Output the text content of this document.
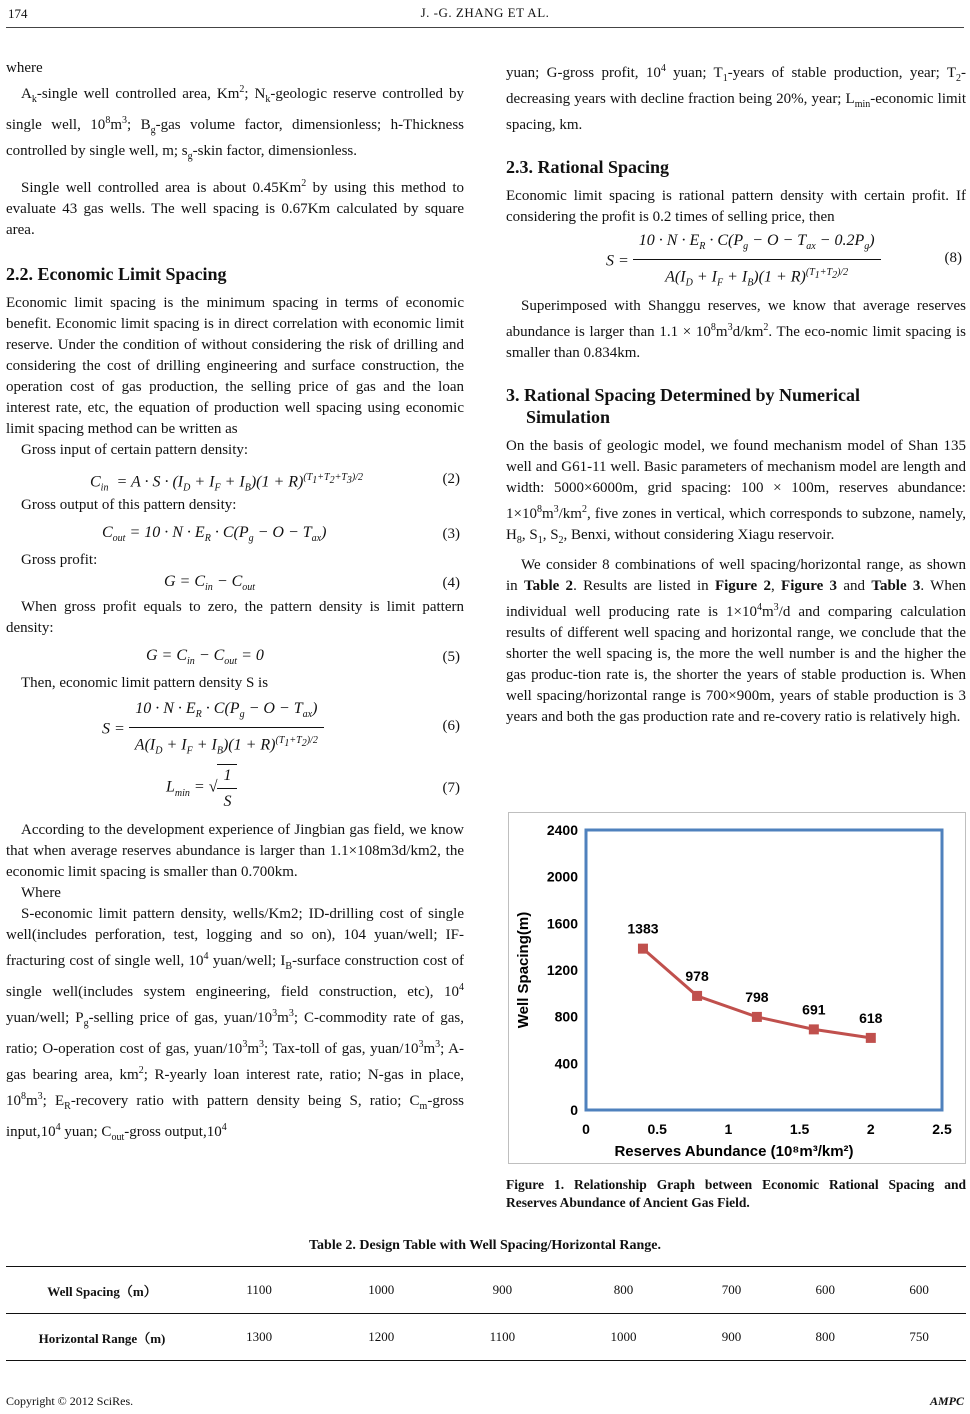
174	J. -G. ZHANG ET AL.

where

$A_k$-single well controlled area, Km$^2$; $N_k$-geologic reserve controlled by single well, $10^8m^3$; $B_g$-gas volume factor, dimensionless; h-Thickness controlled by single well, m; $s_g$-skin factor, dimensionless.

Single well controlled area is about 0.45Km$^2$ by using this method to evaluate 43 gas wells. The well spacing is 0.67Km calculated by square area.

2.2. Economic Limit Spacing

Economic limit spacing is the minimum spacing in terms of economic benefit. Economic limit spacing is in direct correlation with economic limit reserve. Under the condition of without considering the risk of drilling and considering the cost of drilling engineering and surface construction, the operation cost of gas production, the selling price of gas and the loan interest rate, etc, the equation of production well spacing using economic limit spacing method can be written as

Gross input of certain pattern density:

$C_{in} = A \cdot S \cdot (I_D + I_F + I_B)(1 + R)^{(T_1+T_2+T_3)/2}$	(2)

Gross output of this pattern density:

$C_{out} = 10 \cdot N \cdot E_R \cdot C(P_g - O - T_{ax})$	(3)

Gross profit:

$G = C_{in} - C_{out}$	(4)

When gross profit equals to zero, the pattern density is limit pattern density:

$G = C_{in} - C_{out} = 0$	(5)

Then, economic limit pattern density S is

$S = \frac{10 \cdot N \cdot E_R \cdot C(P_g - O - T_{ax})}{A(I_D + I_F + I_B)(1 + R)^{(T_1+T_2)/2}}$	(6)
$L_{min}$ = √ $\frac{1}{S}$	(7)

According to the development experience of Jingbian gas field, we know that when average reserves abundance is larger than 1.1×108m3d/km2, the economic limit spacing is smaller than 0.700km.

Where

S-economic limit pattern density, wells/Km2; ID-drilling cost of single well(includes perforation, test, logging and so on), 104 yuan/well; IF-fracturing cost of single well, $10^4$ yuan/well; $I_B$-surface construction cost of single well(includes system engineering, field construction, etc), $10^4$ yuan/well; $P_g$-selling price of gas, yuan/$10^3m^3$; C-commodity rate of gas, ratio; O-operation cost of gas, yuan/$10^3m^3$; Tax-toll of gas, yuan/$10^3m^3$; A-gas bearing area, $km^2$; R-yearly loan interest rate, ratio; N-gas in place, $10^8m^3$; $E_R$-recovery ratio with pattern density being S, ratio; $C_m$-gross $input,10^4$ yuan; $C_{out}$-gross $output,10^4$

yuan; G-gross profit, $10^4$ yuan; $T_1$-years of stable production, year; $T_2$-decreasing years with decline fraction being 20%, year; $L_{min}$-economic limit spacing, km.

2.3. Rational Spacing

Economic limit spacing is rational pattern density with certain profit. If considering the profit is 0.2 times of selling price, then

$S = \frac{10 \cdot N \cdot E_R \cdot C(P_g - O - T_{ax} - 0.2P_g)}{A(I_D + I_F + I_B)(1 + R)^{(T_1+T_2)/2}}$	(8)

Superimposed with Shanggu reserves, we know that average reserves abundance is larger than $1.1 \times 10^8m^3d/km^2$. The eco-nomic limit spacing is smaller than 0.834km.

3. Rational Spacing Determined by Numerical
Simulation

On the basis of geologic model, we found mechanism model of Shan 135 well and G61-11 well. Basic parameters of mechanism model are length and width: 5000×6000m, grid spacing: 100 × 100m, reserves abundance: $1\times 10^8m^3/km^2$, five zones in vertical, which corresponds to subzone, namely, $H_8$, $S_1$, $S_2$, Benxi, without considering Xiagu reservoir.

We consider 8 combinations of well spacing/horizontal range, as shown in Table 2. Results are listed in Figure 2, Figure 3 and Table 3. When individual well producing rate is $1\times 10^4m^3/d$ and comparing calculation results of different well spacing and horizontal range, we conclude that the shorter the well spacing is, the more the well number is and the higher the gas produc-tion rate is, the shorter the years of stable production is. When well spacing/horizontal range is 700×900m, years of stable production is 3 years and both the gas production rate and re-covery ratio is relatively high.

0
400
800
1200
1600
2000
2400
0	0.5	1	1.5	2	2.5
1383
978
798
691
618
Well Spacing(m)
Reserves Abundance (10⁸m³/km²)
Figure 1. Relationship Graph between Economic Rational Spacing and Reserves Abundance of Ancient Gas Field.
Table 2. Design Table with Well Spacing/Horizontal Range.
Well Spacing（m）	1100	1000	900	800	700	600	600
Horizontal Range（m)	1300	1200	1100	1000	900	800	750
Copyright © 2012 SciRes.	AMPC
